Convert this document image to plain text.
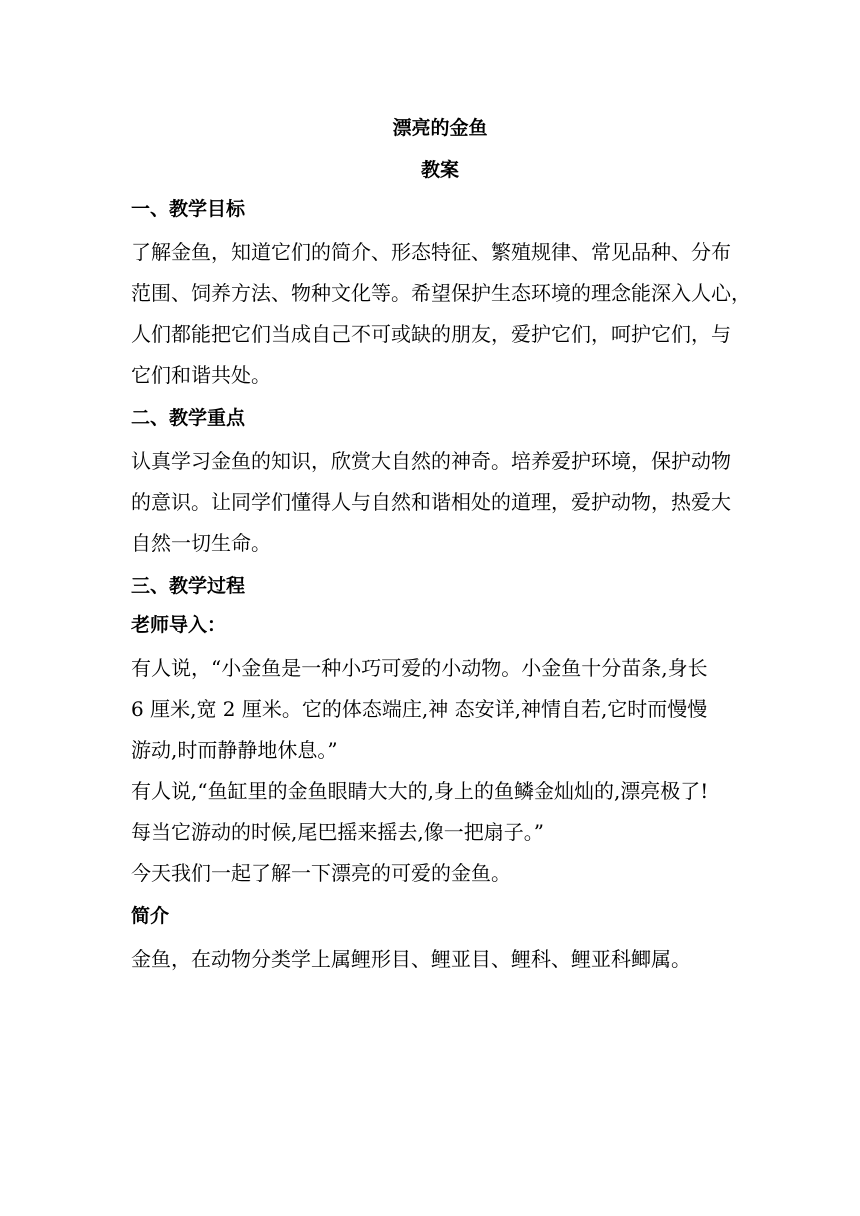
漂亮的金鱼
教案
一、教学目标
了解金鱼，知道它们的简介、形态特征、繁殖规律、常见品种、分布
范围、饲养方法、物种文化等。希望保护生态环境的理念能深入人心，
人们都能把它们当成自己不可或缺的朋友，爱护它们，呵护它们，与
它们和谐共处。
二、教学重点
认真学习金鱼的知识，欣赏大自然的神奇。培养爱护环境，保护动物
的意识。让同学们懂得人与自然和谐相处的道理，爱护动物，热爱大
自然一切生命。
三、教学过程
老师导入：
有人说，“小金鱼是一种小巧可爱的小动物。小金鱼十分苗条,身长
6 厘米,宽 2 厘米。它的体态端庄,神 态安详,神情自若,它时而慢慢
游动,时而静静地休息。”
有人说,“鱼缸里的金鱼眼睛大大的,身上的鱼鳞金灿灿的,漂亮极了!
每当它游动的时候,尾巴摇来摇去,像一把扇子。”
今天我们一起了解一下漂亮的可爱的金鱼。
简介
金鱼，在动物分类学上属鲤形目、鲤亚目、鲤科、鲤亚科鲫属。
